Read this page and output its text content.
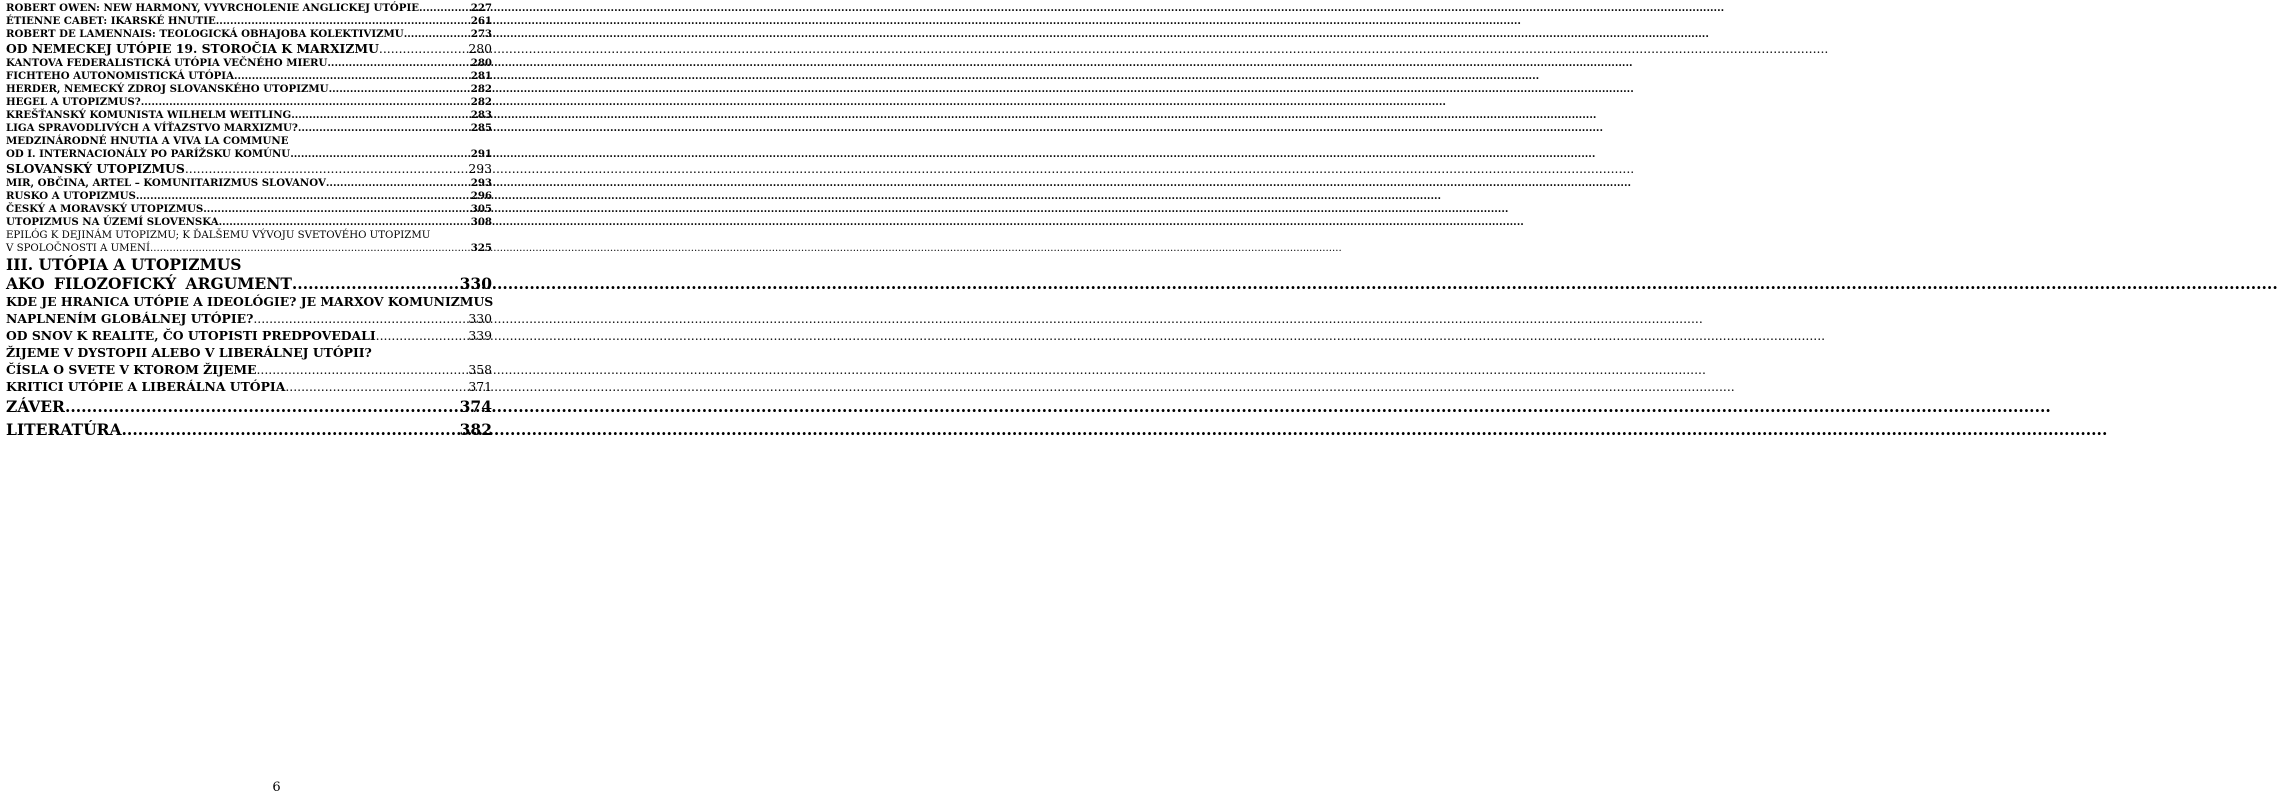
ROBERT OWEN: NEW HARMONY, VYVRCHOLENIE ANGLICKEJ UTÓPIE .....	227
ÉTIENNE CABET: IKARSKÉ HNUTIE .....	261
ROBERT DE LAMENNAIS: TEOLOGICKÁ OBHAJOBA KOLEKTIVIZMU .....	273
OD NEMECKEJ UTÓPIE 19. STOROČIA K MARXIZMU .....	280
KANTOVA FEDERALISTICKÁ UTÓPIA VEČNÉHO MIERU .....	280
FICHTEHO AUTONOMISTICKÁ UTÓPIA .....	281
HERDER, NEMECKÝ ZDROJ SLOVANSKÉHO UTOPIZMU .....	282
HEGEL A UTOPIZMUS? .....	282
KREŠŤANSKÝ KOMUNISTA WILHELM WEITLING .....	283
LIGA SPRAVODLIVÝCH A VÍŤAZSTVO MARXIZMU? .....	285
MEDZINÁRODNÉ HNUTIA A VIVA LA COMMUNE
OD I. INTERNACIONÁLY PO PARÍŽSKU KOMÚNU .....	291
SLOVANSKÝ UTOPIZMUS .....	293
MIR, OBČINA, ARTEL – KOMUNITARIZMUS SLOVANOV .....	293
RUSKO A UTOPIZMUS .....	296
ČESKÝ A MORAVSKÝ UTOPIZMUS .....	305
UTOPIZMUS NA ÚZEMÍ SLOVENSKA .....	308
EPILÓG K DEJINÁM UTOPIZMU; K ĎALŠEMU VÝVOJU SVETOVÉHO UTOPIZMU
V SPOLOČNOSTI A UMENÍ .....	325
III. UTÓPIA A UTOPIZMUS
AKO FILOZOFICKÝ ARGUMENT .....	330
KDE JE HRANICA UTÓPIE A IDEOLÓGIE? JE MARXOV KOMUNIZMUS
NAPLNENÍM GLOBÁLNEJ UTÓPIE? .....	330
OD SNOV K REALITE, ČO UTOPISTI PREDPOVEDALI .....	339
ŽIJEME V DYSTOPII ALEBO V LIBERÁLNEJ UTÓPII?
ČÍSLA O SVETE V KTOROM ŽIJEME .....	358
KRITICI UTÓPIE A LIBERÁLNA UTÓPIA .....	371
ZÁVER .....	374
LITERATÚRA .....	382
6
